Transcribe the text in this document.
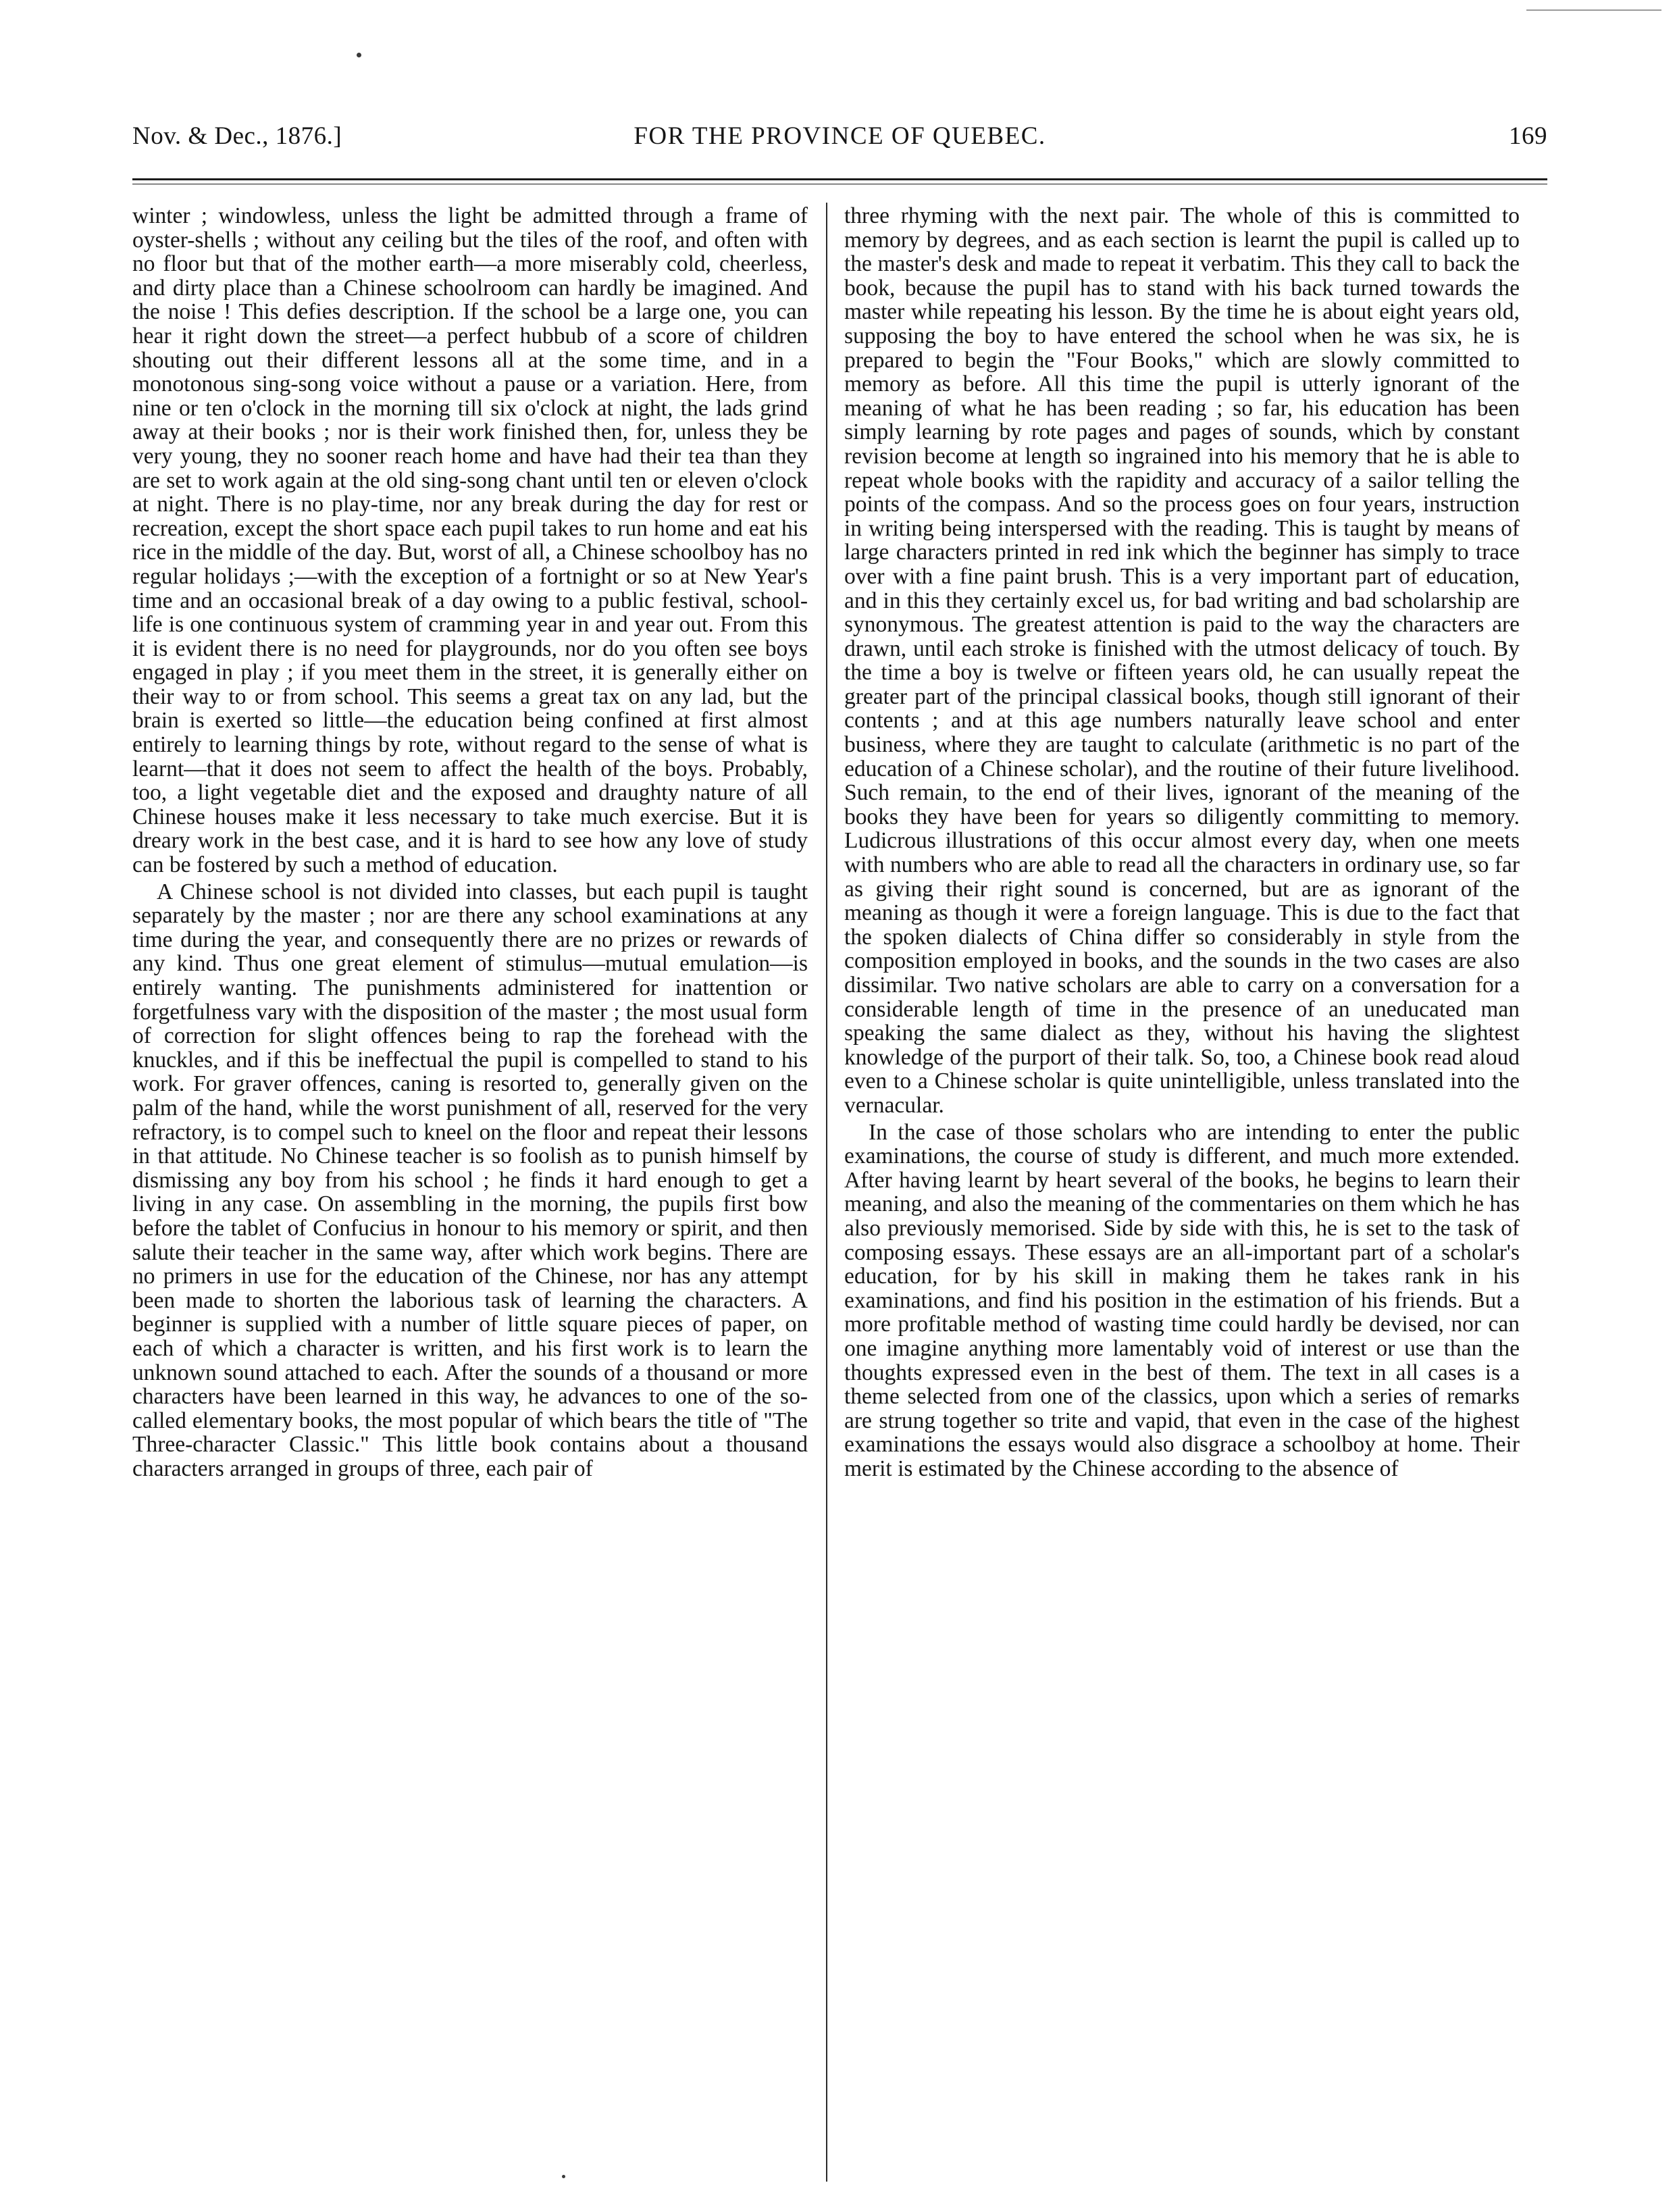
Nov. & Dec., 1876.]	FOR THE PROVINCE OF QUEBEC.	169

winter ; windowless, unless the light be admitted through a frame of oyster-shells ; without any ceiling but the tiles of the roof, and often with no floor but that of the mother earth—a more miserably cold, cheerless, and dirty place than a Chinese schoolroom can hardly be imagined. And the noise ! This defies description. If the school be a large one, you can hear it right down the street—a perfect hubbub of a score of children shouting out their different lessons all at the some time, and in a monotonous sing-song voice without a pause or a variation. Here, from nine or ten o'clock in the morning till six o'clock at night, the lads grind away at their books ; nor is their work finished then, for, unless they be very young, they no sooner reach home and have had their tea than they are set to work again at the old sing-song chant until ten or eleven o'clock at night. There is no play-time, nor any break during the day for rest or recreation, except the short space each pupil takes to run home and eat his rice in the middle of the day. But, worst of all, a Chinese schoolboy has no regular holidays ;—with the exception of a fortnight or so at New Year's time and an occasional break of a day owing to a public festival, school-life is one continuous system of cramming year in and year out. From this it is evident there is no need for playgrounds, nor do you often see boys engaged in play ; if you meet them in the street, it is generally either on their way to or from school. This seems a great tax on any lad, but the brain is exerted so little—the education being confined at first almost entirely to learning things by rote, without regard to the sense of what is learnt—that it does not seem to affect the health of the boys. Probably, too, a light vegetable diet and the exposed and draughty nature of all Chinese houses make it less necessary to take much exercise. But it is dreary work in the best case, and it is hard to see how any love of study can be fostered by such a method of education.

A Chinese school is not divided into classes, but each pupil is taught separately by the master ; nor are there any school examinations at any time during the year, and consequently there are no prizes or rewards of any kind. Thus one great element of stimulus—mutual emulation—is entirely wanting. The punishments administered for inattention or forgetfulness vary with the disposition of the master ; the most usual form of correction for slight offences being to rap the forehead with the knuckles, and if this be ineffectual the pupil is compelled to stand to his work. For graver offences, caning is resorted to, generally given on the palm of the hand, while the worst punishment of all, reserved for the very refractory, is to compel such to kneel on the floor and repeat their lessons in that attitude. No Chinese teacher is so foolish as to punish himself by dismissing any boy from his school ; he finds it hard enough to get a living in any case. On assembling in the morning, the pupils first bow before the tablet of Confucius in honour to his memory or spirit, and then salute their teacher in the same way, after which work begins. There are no primers in use for the education of the Chinese, nor has any attempt been made to shorten the laborious task of learning the characters. A beginner is supplied with a number of little square pieces of paper, on each of which a character is written, and his first work is to learn the unknown sound attached to each. After the sounds of a thousand or more characters have been learned in this way, he advances to one of the so-called elementary books, the most popular of which bears the title of "The Three-character Classic." This little book contains about a thousand characters arranged in groups of three, each pair of

three rhyming with the next pair. The whole of this is committed to memory by degrees, and as each section is learnt the pupil is called up to the master's desk and made to repeat it verbatim. This they call to back the book, because the pupil has to stand with his back turned towards the master while repeating his lesson. By the time he is about eight years old, supposing the boy to have entered the school when he was six, he is prepared to begin the "Four Books," which are slowly committed to memory as before. All this time the pupil is utterly ignorant of the meaning of what he has been reading ; so far, his education has been simply learning by rote pages and pages of sounds, which by constant revision become at length so ingrained into his memory that he is able to repeat whole books with the rapidity and accuracy of a sailor telling the points of the compass. And so the process goes on four years, instruction in writing being interspersed with the reading. This is taught by means of large characters printed in red ink which the beginner has simply to trace over with a fine paint brush. This is a very important part of education, and in this they certainly excel us, for bad writing and bad scholarship are synonymous. The greatest attention is paid to the way the characters are drawn, until each stroke is finished with the utmost delicacy of touch. By the time a boy is twelve or fifteen years old, he can usually repeat the greater part of the principal classical books, though still ignorant of their contents ; and at this age numbers naturally leave school and enter business, where they are taught to calculate (arithmetic is no part of the education of a Chinese scholar), and the routine of their future livelihood. Such remain, to the end of their lives, ignorant of the meaning of the books they have been for years so diligently committing to memory. Ludicrous illustrations of this occur almost every day, when one meets with numbers who are able to read all the characters in ordinary use, so far as giving their right sound is concerned, but are as ignorant of the meaning as though it were a foreign language. This is due to the fact that the spoken dialects of China differ so considerably in style from the composition employed in books, and the sounds in the two cases are also dissimilar. Two native scholars are able to carry on a conversation for a considerable length of time in the presence of an uneducated man speaking the same dialect as they, without his having the slightest knowledge of the purport of their talk. So, too, a Chinese book read aloud even to a Chinese scholar is quite unintelligible, unless translated into the vernacular.

In the case of those scholars who are intending to enter the public examinations, the course of study is different, and much more extended. After having learnt by heart several of the books, he begins to learn their meaning, and also the meaning of the commentaries on them which he has also previously memorised. Side by side with this, he is set to the task of composing essays. These essays are an all-important part of a scholar's education, for by his skill in making them he takes rank in his examinations, and find his position in the estimation of his friends. But a more profitable method of wasting time could hardly be devised, nor can one imagine anything more lamentably void of interest or use than the thoughts expressed even in the best of them. The text in all cases is a theme selected from one of the classics, upon which a series of remarks are strung together so trite and vapid, that even in the case of the highest examinations the essays would also disgrace a schoolboy at home. Their merit is estimated by the Chinese according to the absence of
